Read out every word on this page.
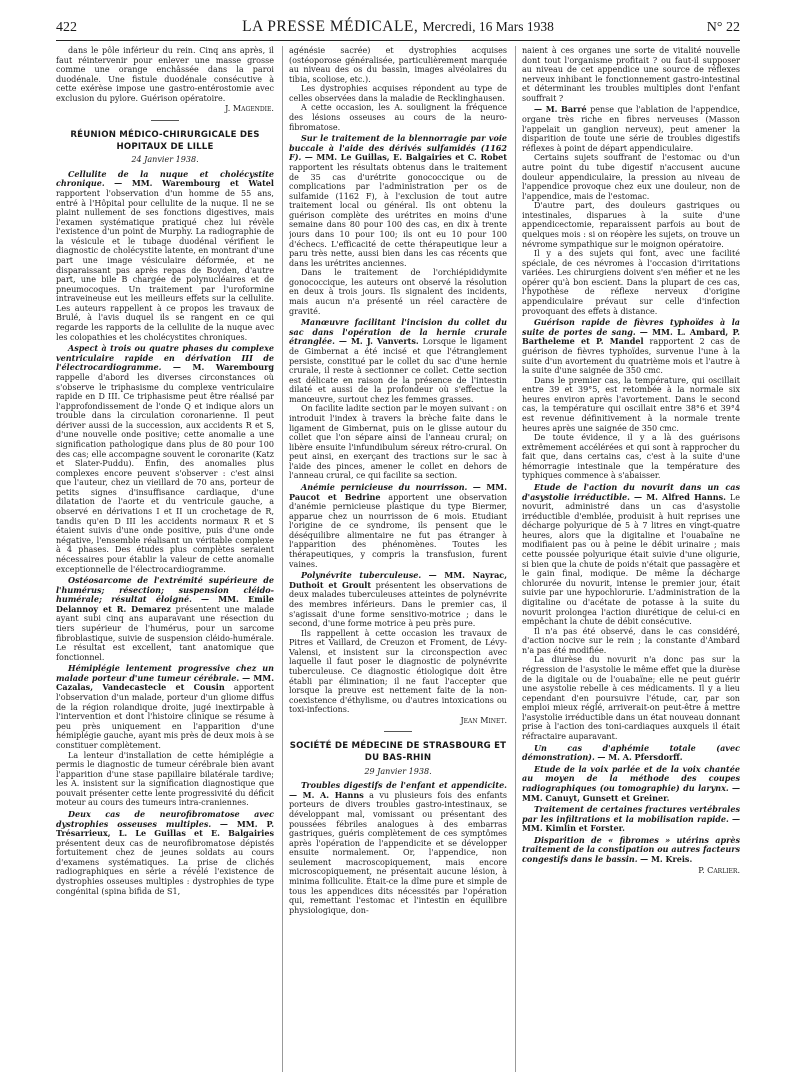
422	LA PRESSE MÉDICALE, Mercredi, 16 Mars 1938	N° 22

dans le pôle inférieur du rein. Cinq ans après, il faut réintervenir pour enlever une masse grosse comme une orange enchâssée dans la paroi duodénale. Une fistule duodénale consécutive à cette exérèse impose une gastro-entérostomie avec exclusion du pylore. Guérison opératoire.

J. Magendie.
RÉUNION MÉDICO-CHIRURGICALE DES HOPITAUX DE LILLE
24 Janvier 1938.

Cellulite de la nuque et cholécystite chronique. — MM. Warembourg et Watel rapportent l'observation d'un homme de 55 ans, entré à l'Hôpital pour cellulite de la nuque. Il ne se plaint nullement de ses fonctions digestives, mais l'examen systématique pratiqué chez lui révèle l'existence d'un point de Murphy. La radiographie de la vésicule et le tubage duodénal vérifient le diagnostic de cholécystite latente, en montrant d'une part une image vésiculaire déformée, et ne disparaissant pas après repas de Boyden, d'autre part, une bile B chargée de polynucléaires et de pneumocoques. Un traitement par l'uroformine intraveineuse eut les meilleurs effets sur la cellulite. Les auteurs rappellent à ce propos les travaux de Brulé, à l'avis duquel ils se rangent en ce qui regarde les rapports de la cellulite de la nuque avec les colopathies et les cholécystites chroniques.

Aspect à trois ou quatre phases du complexe ventriculaire rapide en dérivation III de l'électrocardiogramme. — M. Warembourg rappelle d'abord les diverses circonstances où s'observe le triphasisme du complexe ventriculaire rapide en D III. Ce triphasisme peut être réalisé par l'approfondissement de l'onde Q et indique alors un trouble dans la circulation coronarienne. Il peut dériver aussi de la succession, aux accidents R et S, d'une nouvelle onde positive; cette anomalie a une signification pathologique dans plus de 80 pour 100 des cas; elle accompagne souvent le coronarite (Katz et Slater-Puddu). Enfin, des anomalies plus complexes encore peuvent s'observer : c'est ainsi que l'auteur, chez un vieillard de 70 ans, porteur de petits signes d'insuffisance cardiaque, d'une dilatation de l'aorte et du ventricule gauche, a observé en dérivations I et II un crochetage de R, tandis qu'en D III les accidents normaux R et S étaient suivis d'une onde positive, puis d'une onde négative, l'ensemble réalisant un véritable complexe à 4 phases. Des études plus complètes seraient nécessaires pour établir la valeur de cette anomalie exceptionnelle de l'électrocardiogramme.

Ostéosarcome de l'extrémité supérieure de l'humérus; résection; suspension cléido-humérale; résultat éloigné. — MM. Emile Delannoy et R. Demarez présentent une malade ayant subi cinq ans auparavant une résection du tiers supérieur de l'humérus, pour un sarcome fibroblastique, suivie de suspension cléido-humérale. Le résultat est excellent, tant anatomique que fonctionnel.

Hémiplégie lentement progressive chez un malade porteur d'une tumeur cérébrale. — MM. Cazalas, Vandecastecle et Cousin apportent l'observation d'un malade, porteur d'un gliome diffus de la région rolandique droite, jugé inextirpable à l'intervention et dont l'histoire clinique se résume à peu près uniquement en l'apparition d'une hémiplégie gauche, ayant mis près de deux mois à se constituer complètement.

La lenteur d'installation de cette hémiplégie a permis le diagnostic de tumeur cérébrale bien avant l'apparition d'une stase papillaire bilatérale tardive; les A. insistent sur la signification diagnostique que pouvait présenter cette lente progressivité du déficit moteur au cours des tumeurs intra-craniennes.

Deux cas de neurofibromatose avec dystrophies osseuses multiples. — MM. P. Trésarrieux, L. Le Guillas et E. Balgairies présentent deux cas de neurofibromatose dépistés fortuitement chez de jeunes soldats au cours d'examens systématiques. La prise de clichés radiographiques en série a révélé l'existence de dystrophies osseuses multiples : dystrophies de type congénital (spina bifida de S1,

agénésie sacrée) et dystrophies acquises (ostéoporose généralisée, particulièrement marquée au niveau des os du bassin, images alvéolaires du tibia, scoliose, etc.).

Les dystrophies acquises répondent au type de celles observées dans la maladie de Recklinghausen.

A cette occasion, les A. soulignent la fréquence des lésions osseuses au cours de la neuro-fibromatose.

Sur le traitement de la blennorragie par voie buccale à l'aide des dérivés sulfamidés (1162 F). — MM. Le Guillas, E. Balgairies et C. Robet rapportent les résultats obtenus dans le traitement de 35 cas d'urétrite gonococcique ou de complications par l'administration per os de sulfamide (1162 F), à l'exclusion de tout autre traitement local ou général. Ils ont obtenu la guérison complète des urétrites en moins d'une semaine dans 80 pour 100 des cas, en dix à trente jours dans 10 pour 100; ils ont eu 10 pour 100 d'échecs. L'efficacité de cette thérapeutique leur a paru très nette, aussi bien dans les cas récents que dans les urétrites anciennes.

Dans le traitement de l'orchiépididymite gonococcique, les auteurs ont observé la résolution en deux à trois jours. Ils signalent des incidents, mais aucun n'a présenté un réel caractère de gravité.

Manœuvre facilitant l'incision du collet du sac dans l'opération de la hernie crurale étranglée. — M. J. Vanverts. Lorsque le ligament de Gimbernat a été incisé et que l'étranglement persiste, constitué par le collet du sac d'une hernie crurale, il reste à sectionner ce collet. Cette section est délicate en raison de la présence de l'intestin dilaté et aussi de la profondeur où s'effectue la manœuvre, surtout chez les femmes grasses.

On facilite ladite section par le moyen suivant : on introduit l'index à travers la brèche faite dans le ligament de Gimbernat, puis on le glisse autour du collet que l'on sépare ainsi de l'anneau crural; on libère ensuite l'infundibulum séreux rétro-crural. On peut ainsi, en exerçant des tractions sur le sac à l'aide des pinces, amener le collet en dehors de l'anneau crural, ce qui facilite sa section.

Anémie pernicieuse du nourrisson. — MM. Paucot et Bedrine apportent une observation d'anémie pernicieuse plastique du type Biermer, apparue chez un nourrisson de 6 mois. Etudiant l'origine de ce syndrome, ils pensent que le déséquilibre alimentaire ne fut pas étranger à l'apparition des phénomènes. Toutes les thérapeutiques, y compris la transfusion, furent vaines.

Polynévrite tuberculeuse. — MM. Nayrac, Duthoit et Groult présentent les observations de deux malades tuberculeuses atteintes de polynévrite des membres inférieurs. Dans le premier cas, il s'agissait d'une forme sensitivo-motrice ; dans le second, d'une forme motrice à peu près pure.

Ils rappellent à cette occasion les travaux de Pitres et Vaillard, de Creuzon et Froment, de Lévy-Valensi, et insistent sur la circonspection avec laquelle il faut poser le diagnostic de polynévrite tuberculeuse. Ce diagnostic étiologique doit être établi par élimination; il ne faut l'accepter que lorsque la preuve est nettement faite de la non-coexistence d'éthylisme, ou d'autres intoxications ou toxi-infections.

Jean Minet.
SOCIÉTÉ DE MÉDECINE DE STRASBOURG ET DU BAS-RHIN
29 Janvier 1938.

Troubles digestifs de l'enfant et appendicite. — M. A. Hanns a vu plusieurs fois des enfants porteurs de divers troubles gastro-intestinaux, se développant mal, vomissant ou présentant des poussées fébriles analogues à des embarras gastriques, guéris complètement de ces symptômes après l'opération de l'appendicite et se développer ensuite normalement. Or, l'appendice, non seulement macroscopiquement, mais encore microscopiquement, ne présentait aucune lésion, à minima folliculite. Était-ce la dîme pure et simple de tous les appendices dits nécessités par l'opération qui, remettant l'estomac et l'intestin en équilibre physiologique, don-

naient à ces organes une sorte de vitalité nouvelle dont tout l'organisme profitait ? ou faut-il supposer au niveau de cet appendice une source de réflexes nerveux inhibant le fonctionnement gastro-intestinal et déterminant les troubles multiples dont l'enfant souffrait ?

— M. Barré pense que l'ablation de l'appendice, organe très riche en fibres nerveuses (Masson l'appelait un ganglion nerveux), peut amener la disparition de toute une série de troubles digestifs réflexes à point de départ appendiculaire.

Certains sujets souffrant de l'estomac ou d'un autre point du tube digestif n'accusent aucune douleur appendiculaire, la pression au niveau de l'appendice provoque chez eux une douleur, non de l'appendice, mais de l'estomac.

D'autre part, des douleurs gastriques ou intestinales, disparues à la suite d'une appendicectomie, reparaissent parfois au bout de quelques mois : si on réopère les sujets, on trouve un névrome sympathique sur le moignon opératoire.

Il y a des sujets qui font, avec une facilité spéciale, de ces névromes à l'occasion d'irritations variées. Les chirurgiens doivent s'en méfier et ne les opérer qu'à bon escient. Dans la plupart de ces cas, l'hypothèse de réflexe nerveux d'origine appendiculaire prévaut sur celle d'infection provoquant des effets à distance.

Guérison rapide de fièvres typhoïdes à la suite de portes de sang. — MM. L. Ambard, P. Bartheleme et P. Mandel rapportent 2 cas de guérison de fièvres typhoïdes, survenue l'une à la suite d'un avortement du quatrième mois et l'autre à la suite d'une saignée de 350 cmc.

Dans le premier cas, la température, qui oscillait entre 39 et 39°5, est retombée à la normale six heures environ après l'avortement. Dans le second cas, la température qui oscillait entre 38°6 et 39°4 est revenue définitivement à la normale trente heures après une saignée de 350 cmc.

De toute évidence, il y a là des guérisons extrêmement accélérées et qui sont à rapprocher du fait que, dans certains cas, c'est à la suite d'une hémorragie intestinale que la température des typhiques commence à s'abaisser.

Etude de l'action du novurit dans un cas d'asystolie irréductible. — M. Alfred Hanns. Le novurit, administré dans un cas d'asystolie irréductible d'emblée, produisit à huit reprises une décharge polyurique de 5 à 7 litres en vingt-quatre heures, alors que la digitaline et l'ouabaïne ne modifiaient pas ou à peine le débit urinaire ; mais cette poussée polyurique était suivie d'une oligurie, si bien que la chute de poids n'était que passagère et le gain final, modique. De même la décharge chlorurée du novurit, intense le premier jour, était suivie par une hypochlorurie. L'administration de la digitaline ou d'acétate de potasse à la suite du novurit prolongea l'action diurétique de celui-ci en empêchant la chute de débit consécutive.

Il n'a pas été observé, dans le cas considéré, d'action nocive sur le rein ; la constante d'Ambard n'a pas été modifiée.

La diurèse du novurit n'a donc pas sur la régression de l'asystolie le même effet que la diurèse de la digitale ou de l'ouabaïne; elle ne peut guérir une asystolie rebelle à ces médicaments. Il y a lieu cependant d'en poursuivre l'étude, car, par son emploi mieux réglé, arriverait-on peut-être à mettre l'asystolie irréductible dans un état nouveau donnant prise à l'action des toni-cardiaques auxquels il était réfractaire auparavant.

Un cas d'aphémie totale (avec démonstration). — M. A. Pfersdorff.

Etude de la voix parlée et de la voix chantée au moyen de la méthode des coupes radiographiques (ou tomographie) du larynx. — MM. Canuyt, Gunsett et Greiner.

Traitement de certaines fractures vertébrales par les infiltrations et la mobilisation rapide. — MM. Kimlin et Forster.

Disparition de « fibromes » utérins après traitement de la constipation ou autres facteurs congestifs dans le bassin. — M. Kreis.

P. Carlier.
